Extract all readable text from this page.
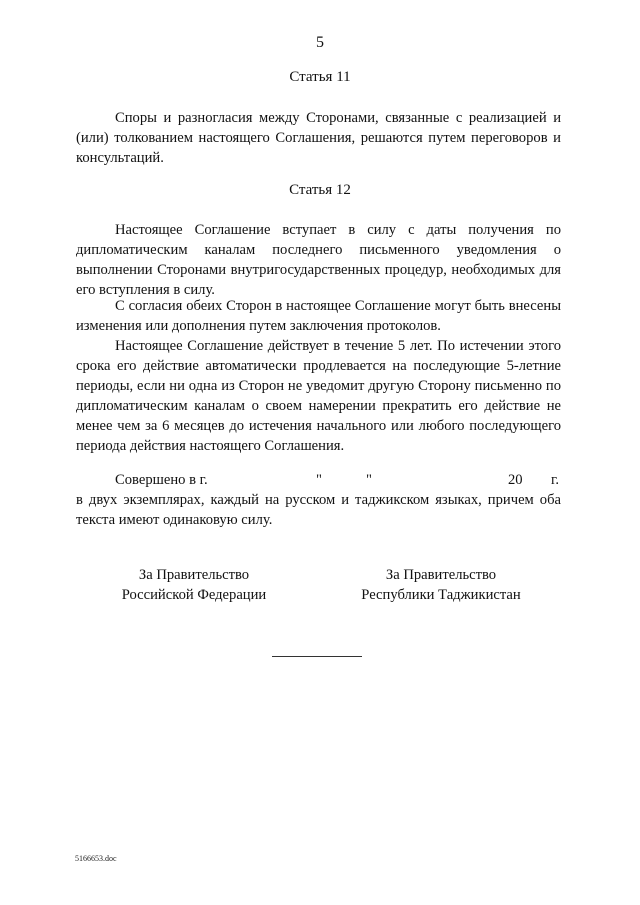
5
Статья 11

Споры и разногласия между Сторонами, связанные с реализацией и (или) толкованием настоящего Соглашения, решаются путем переговоров и консультаций.

Статья 12

Настоящее Соглашение вступает в силу с даты получения по дипломатическим каналам последнего письменного уведомления о выполнении Сторонами внутригосударственных процедур, необходимых для его вступления в силу.

С согласия обеих Сторон в настоящее Соглашение могут быть внесены изменения или дополнения путем заключения протоколов.

Настоящее Соглашение действует в течение 5 лет. По истечении этого срока его действие автоматически продлевается на последующие 5-летние периоды, если ни одна из Сторон не уведомит другую Сторону письменно по дипломатическим каналам о своем намерении прекратить его действие не менее чем за 6 месяцев до истечения начального или любого последующего периода действия настоящего Соглашения.

Совершено в г.	"	"	20 г.

в двух экземплярах, каждый на русском и таджикском языках, причем оба текста имеют одинаковую силу.

За Правительство
Российской Федерации
За Правительство
Республики Таджикистан
5166653.doc
